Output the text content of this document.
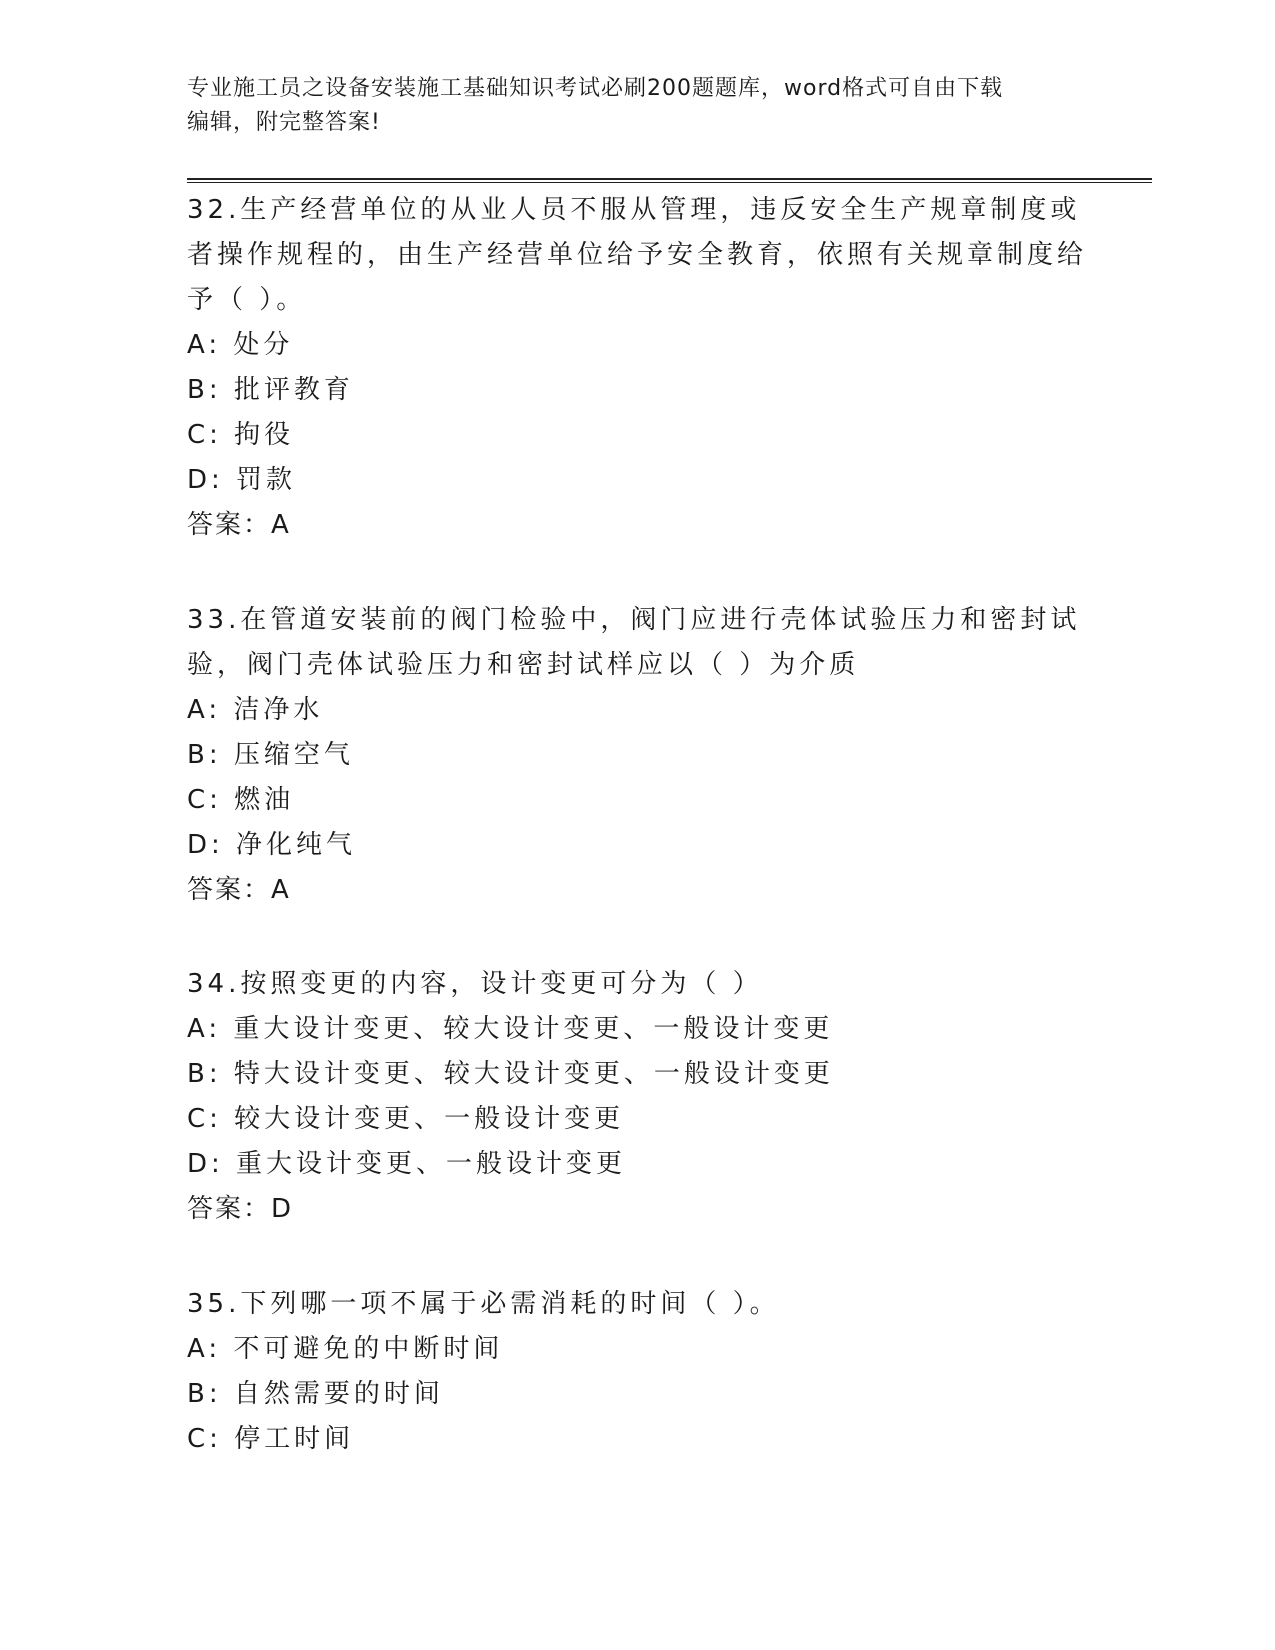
专业施工员之设备安装施工基础知识考试必刷200题题库，word格式可自由下载
编辑，附完整答案!
32.生产经营单位的从业人员不服从管理，违反安全生产规章制度或者操作规程的，由生产经营单位给予安全教育，依照有关规章制度给予（ ）。
A: 处分
B: 批评教育
C: 拘役
D: 罚款
答案：A
33.在管道安装前的阀门检验中，阀门应进行壳体试验压力和密封试验，阀门壳体试验压力和密封试样应以（ ）为介质
A: 洁净水
B: 压缩空气
C: 燃油
D: 净化纯气
答案：A
34.按照变更的内容，设计变更可分为（ ）
A: 重大设计变更、较大设计变更、一般设计变更
B: 特大设计变更、较大设计变更、一般设计变更
C: 较大设计变更、一般设计变更
D: 重大设计变更、一般设计变更
答案：D
35.下列哪一项不属于必需消耗的时间（ ）。
A: 不可避免的中断时间
B: 自然需要的时间
C: 停工时间
